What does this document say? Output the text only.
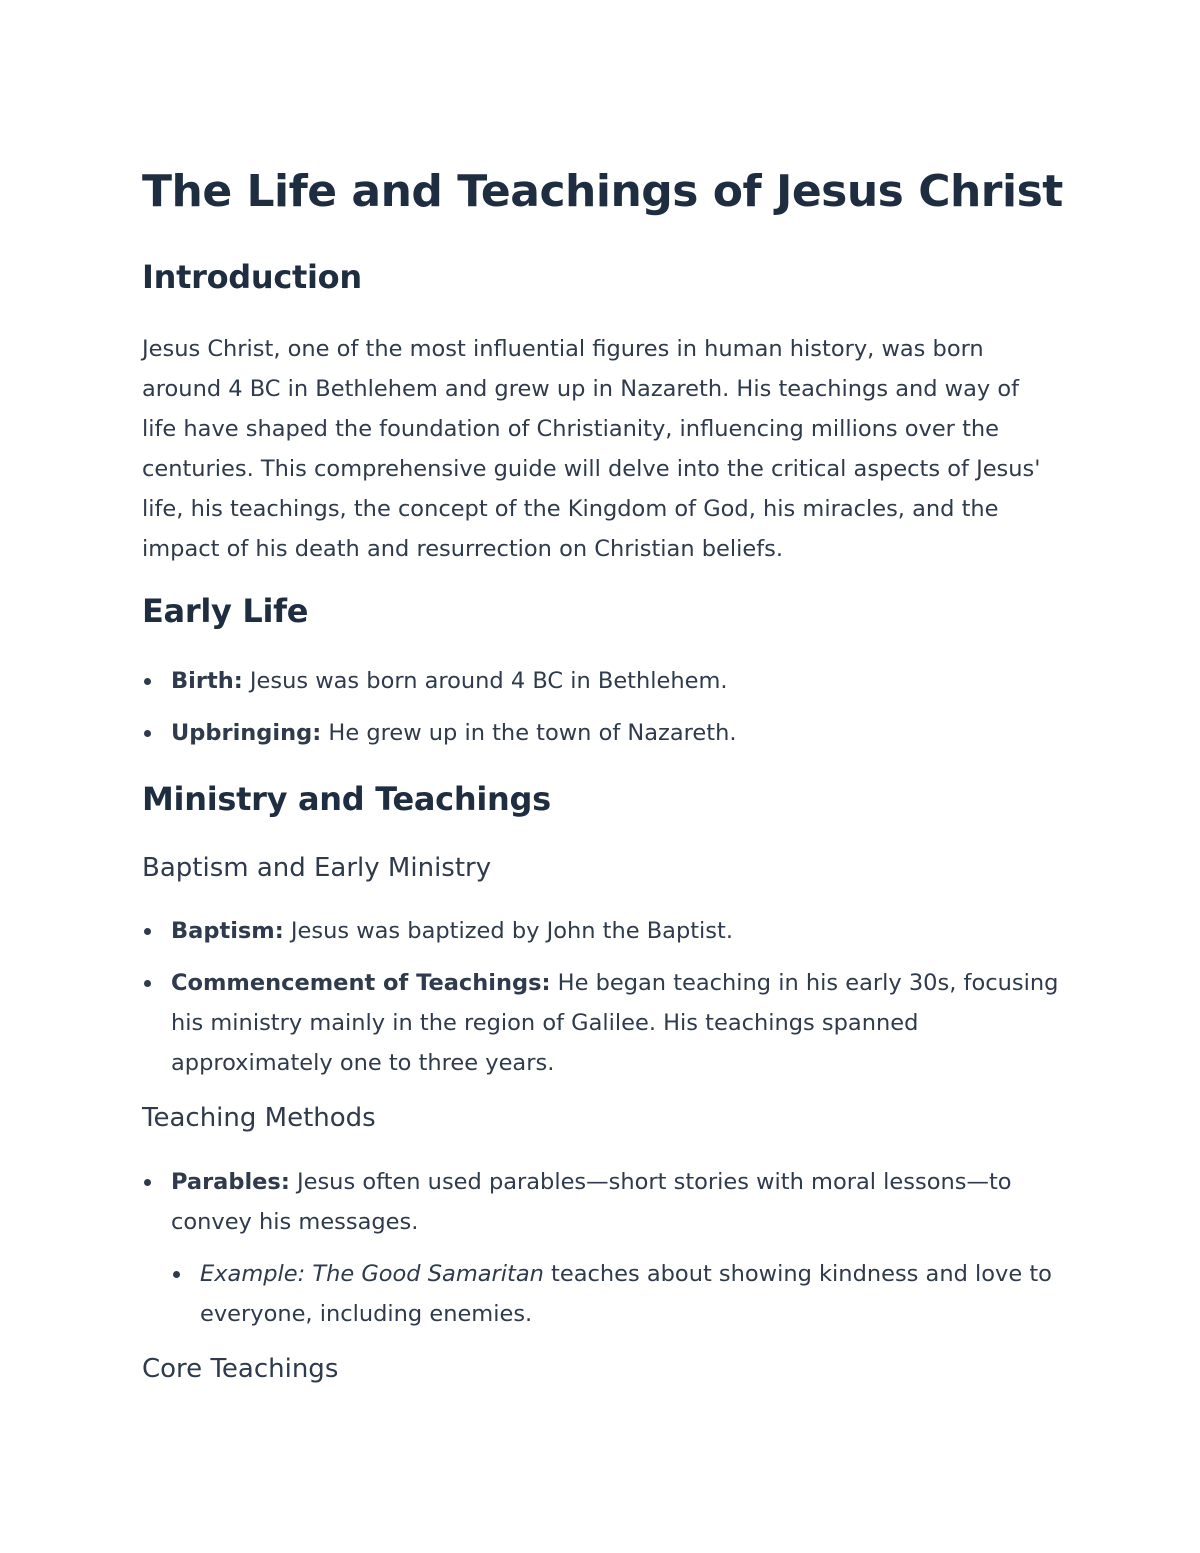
The Life and Teachings of Jesus Christ
Introduction

Jesus Christ, one of the most influential figures in human history, was born around 4 BC in Bethlehem and grew up in Nazareth. His teachings and way of life have shaped the foundation of Christianity, influencing millions over the centuries. This comprehensive guide will delve into the critical aspects of Jesus' life, his teachings, the concept of the Kingdom of God, his miracles, and the impact of his death and resurrection on Christian beliefs.

Early Life
Birth: Jesus was born around 4 BC in Bethlehem.
Upbringing: He grew up in the town of Nazareth.
Ministry and Teachings
Baptism and Early Ministry
Baptism: Jesus was baptized by John the Baptist.
Commencement of Teachings: He began teaching in his early 30s, focusing his ministry mainly in the region of Galilee. His teachings spanned approximately one to three years.
Teaching Methods
Parables: Jesus often used parables—short stories with moral lessons—to convey his messages.
Example: The Good Samaritan teaches about showing kindness and love to everyone, including enemies.
Core Teachings
